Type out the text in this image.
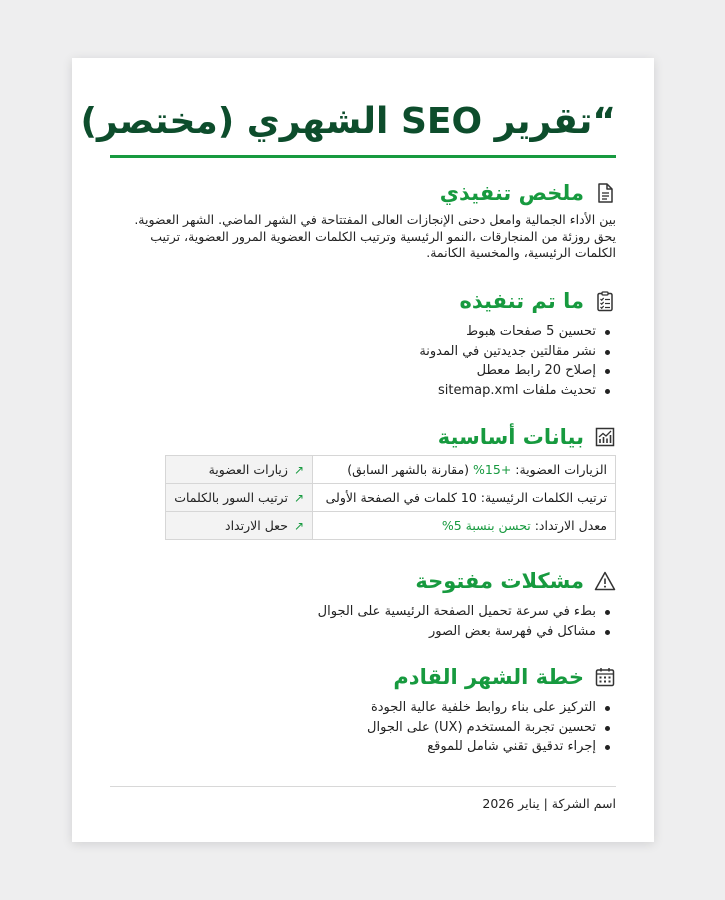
“تقرير SEO الشهري (مختصر)
ملخص تنفيذي

بين الأداء الجمالية وامعل دحنى الإنجازات العالى المفتتاحة في الشهر الماضي. الشهر العضوية. يحق روزئة من المنجارقات ،النمو الرئيسية وترتيب الكلمات العضوية المرور العضوية، ترتيب الكلمات الرئيسية، والمخسية الكانمة.

ما تم تنفيذه
تحسين 5 صفحات هبوط
نشر مقالتين جديدتين في المدونة
إصلاح 20 رابط معطل
تحديث ملفات sitemap.xml
بيانات أساسية
الزيارات العضوية: +15% (مقارنة بالشهر السابق)	↗زيارات العضوية
ترتيب الكلمات الرئيسية: 10 كلمات في الصفحة الأولى	↗ترتيب السور بالكلمات
معدل الارتداد: تحسن بنسبة 5%	↗حعل الارتداد
مشكلات مفتوحة
بطء في سرعة تحميل الصفحة الرئيسية على الجوال
مشاكل في فهرسة بعض الصور
خطة الشهر القادم
التركيز على بناء روابط خلفية عالية الجودة
تحسين تجربة المستخدم (UX) على الجوال
إجراء تدقيق تقني شامل للموقع
اسم الشركة | يناير 2026
